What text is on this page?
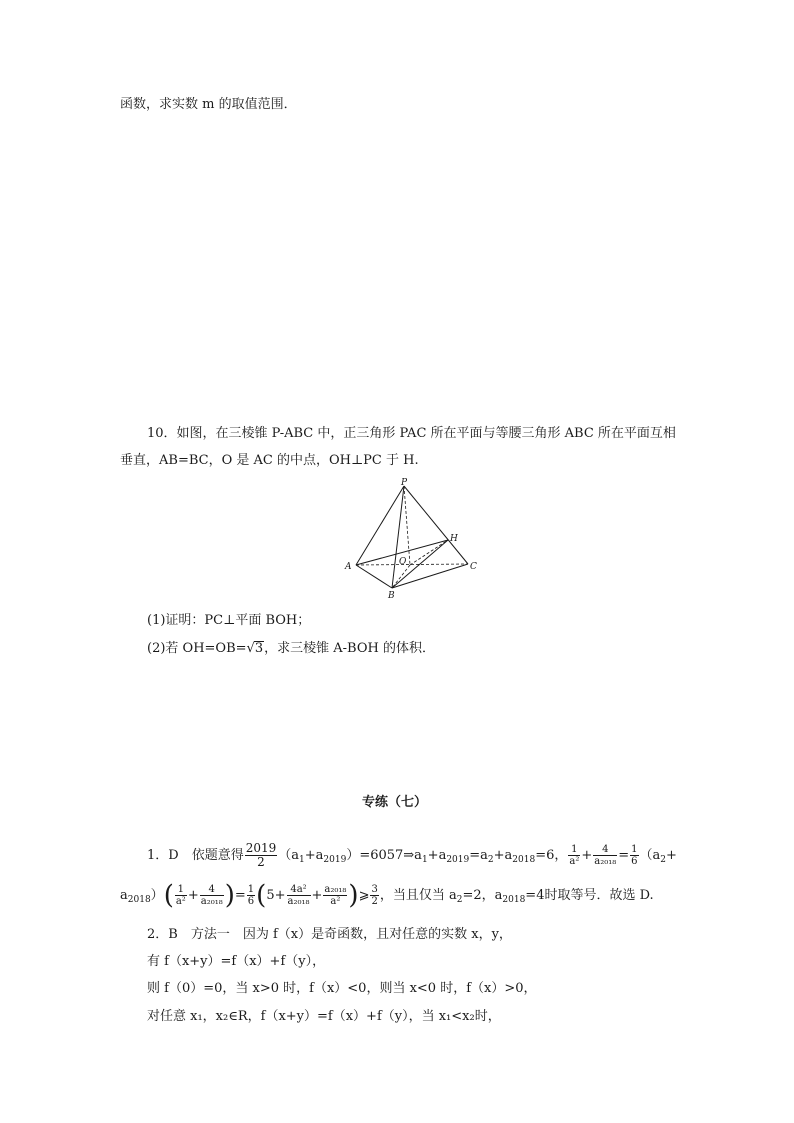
函数，求实数 m 的取值范围．
10．如图，在三棱锥 P-ABC 中，正三角形 PAC 所在平面与等腰三角形 ABC 所在平面互相
垂直，AB=BC，O 是 AC 的中点，OH⊥PC 于 H.
P
H
A	O	C
B
(1)证明：PC⊥平面 BOH；
(2)若 OH=OB=√3，求三棱锥 A-BOH 的体积．
专练（七）
1．D　依题意得 $\frac{2019}{2}$ $(a_1+a_{2019})=6057\Rightarrow a_1+a_{2019}=a_2+a_{2018}=6$， $\frac{1}{\text{a²}} + \frac{4}{\text{a₂₀₁₈}} = \frac{1}{6} (a_2+$
$a_{2018})( \frac{1}{\text{a²}} + \frac{4}{\text{a₂₀₁₈}}$ )= $\frac{1}{6} (5+ \frac{\text{4a²}}{\text{a₂₀₁₈}} + \frac{\text{a₂₀₁₈}}{\text{a²}}$ )⩾ $\frac{3}{2}$ ，当且仅当 $a_2=2$，$a_{2018}=4$时取等号．故选 D.
2．B　方法一　因为 f（x）是奇函数，且对任意的实数 x，y，
有 f（x+y）=f（x）+f（y），
则 f（0）=0，当 x>0 时，f（x）<0，则当 x<0 时，f（x）>0，
对任意 x₁，x₂∈R，f（x+y）=f（x）+f（y），当 x₁<x₂时，
